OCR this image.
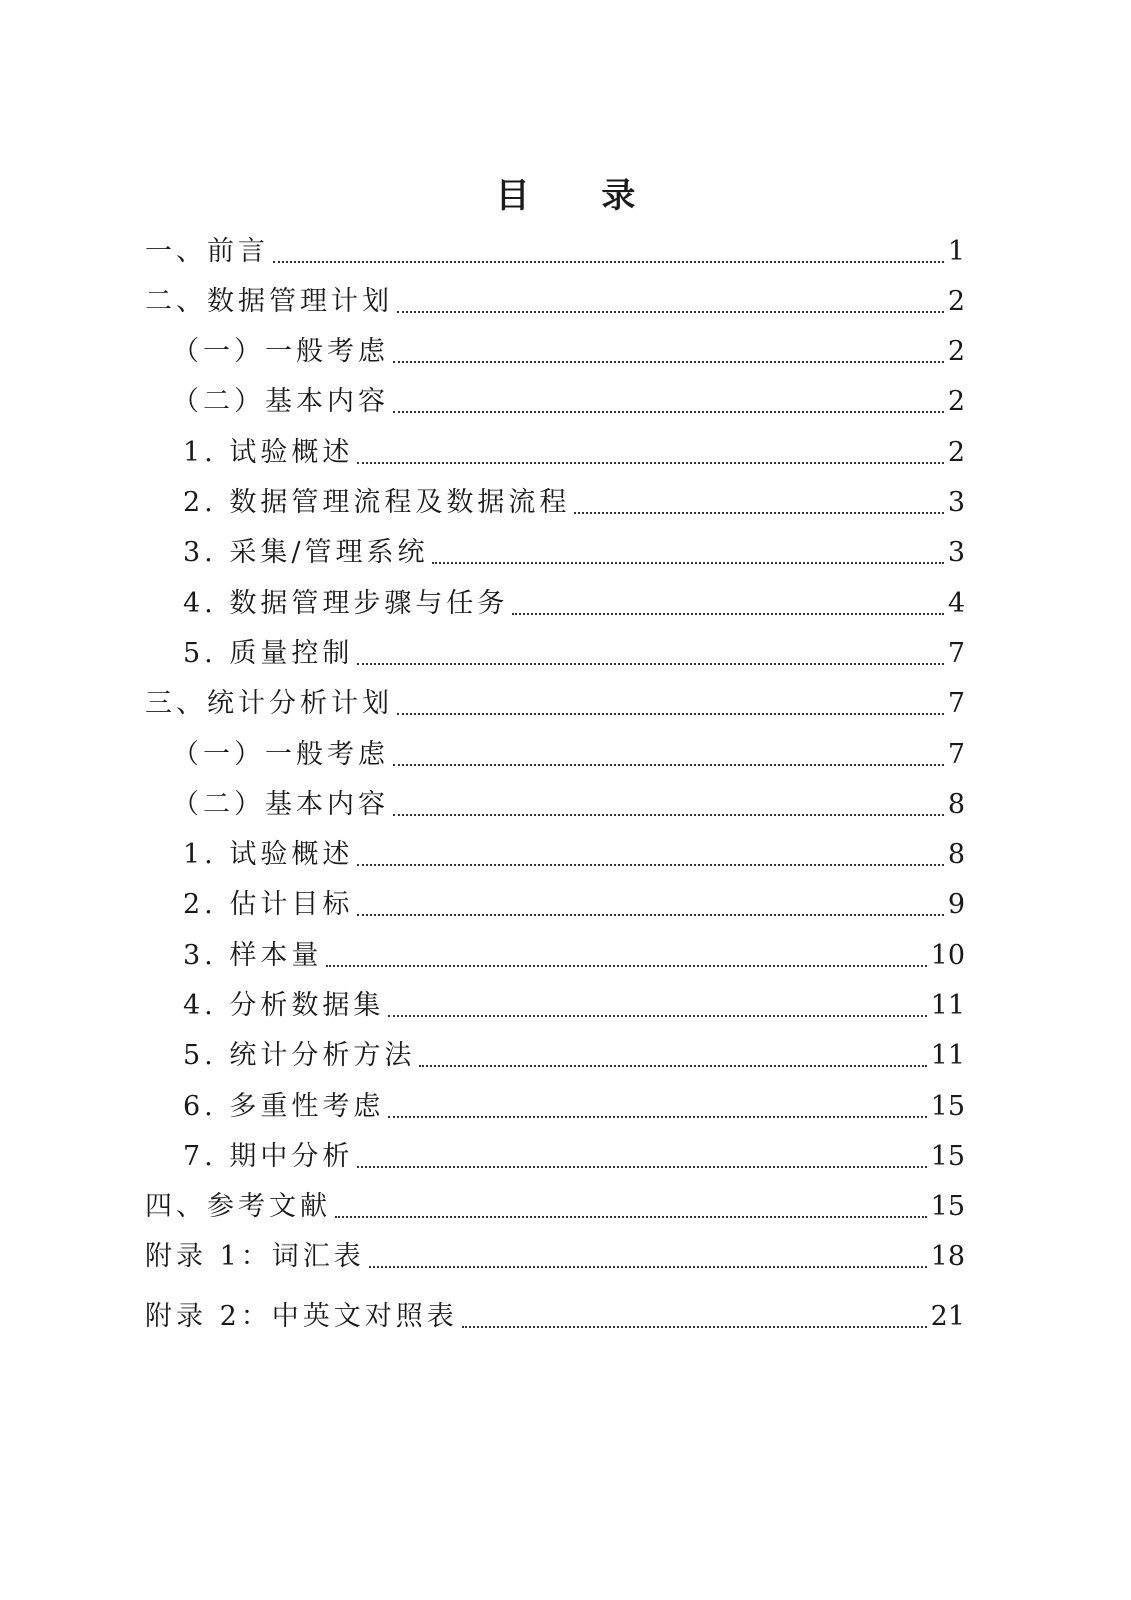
目 录
一、前言	1
二、数据管理计划	2
（一）一般考虑	2
（二）基本内容	2
1. 试验概述	2
2. 数据管理流程及数据流程	3
3. 采集/管理系统	3
4. 数据管理步骤与任务	4
5. 质量控制	7
三、统计分析计划	7
（一）一般考虑	7
（二）基本内容	8
1. 试验概述	8
2. 估计目标	9
3. 样本量	10
4. 分析数据集	11
5. 统计分析方法	11
6. 多重性考虑	15
7. 期中分析	15
四、参考文献	15
附录 1：词汇表	18
附录 2：中英文对照表	21
